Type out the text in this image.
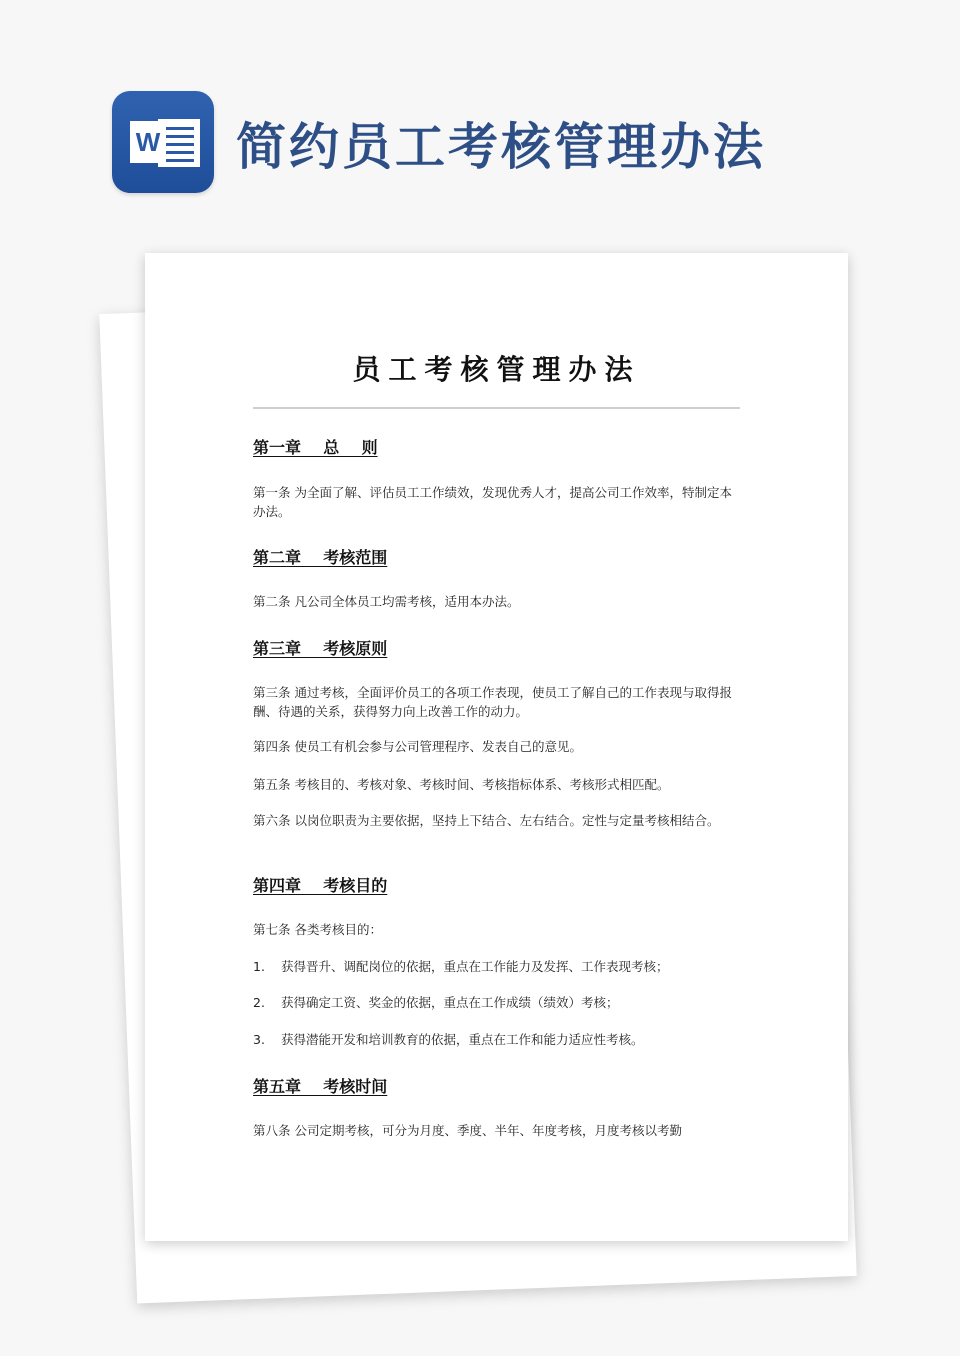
W 简约员工考核管理办法
员工考核管理办法

第一章    总    则

第一条 为全面了解、评估员工工作绩效，发现优秀人才，提高公司工作效率，特制定本办法。

第二章    考核范围

第二条 凡公司全体员工均需考核，适用本办法。

第三章    考核原则

第三条 通过考核，全面评价员工的各项工作表现，使员工了解自己的工作表现与取得报酬、待遇的关系，获得努力向上改善工作的动力。

第四条 使员工有机会参与公司管理程序、发表自己的意见。

第五条 考核目的、考核对象、考核时间、考核指标体系、考核形式相匹配。

第六条 以岗位职责为主要依据，坚持上下结合、左右结合。定性与定量考核相结合。

第四章    考核目的

第七条 各类考核目的：

1. 获得晋升、调配岗位的依据，重点在工作能力及发挥、工作表现考核；

2. 获得确定工资、奖金的依据，重点在工作成绩（绩效）考核；

3. 获得潜能开发和培训教育的依据，重点在工作和能力适应性考核。

第五章    考核时间

第八条 公司定期考核，可分为月度、季度、半年、年度考核，月度考核以考勤
